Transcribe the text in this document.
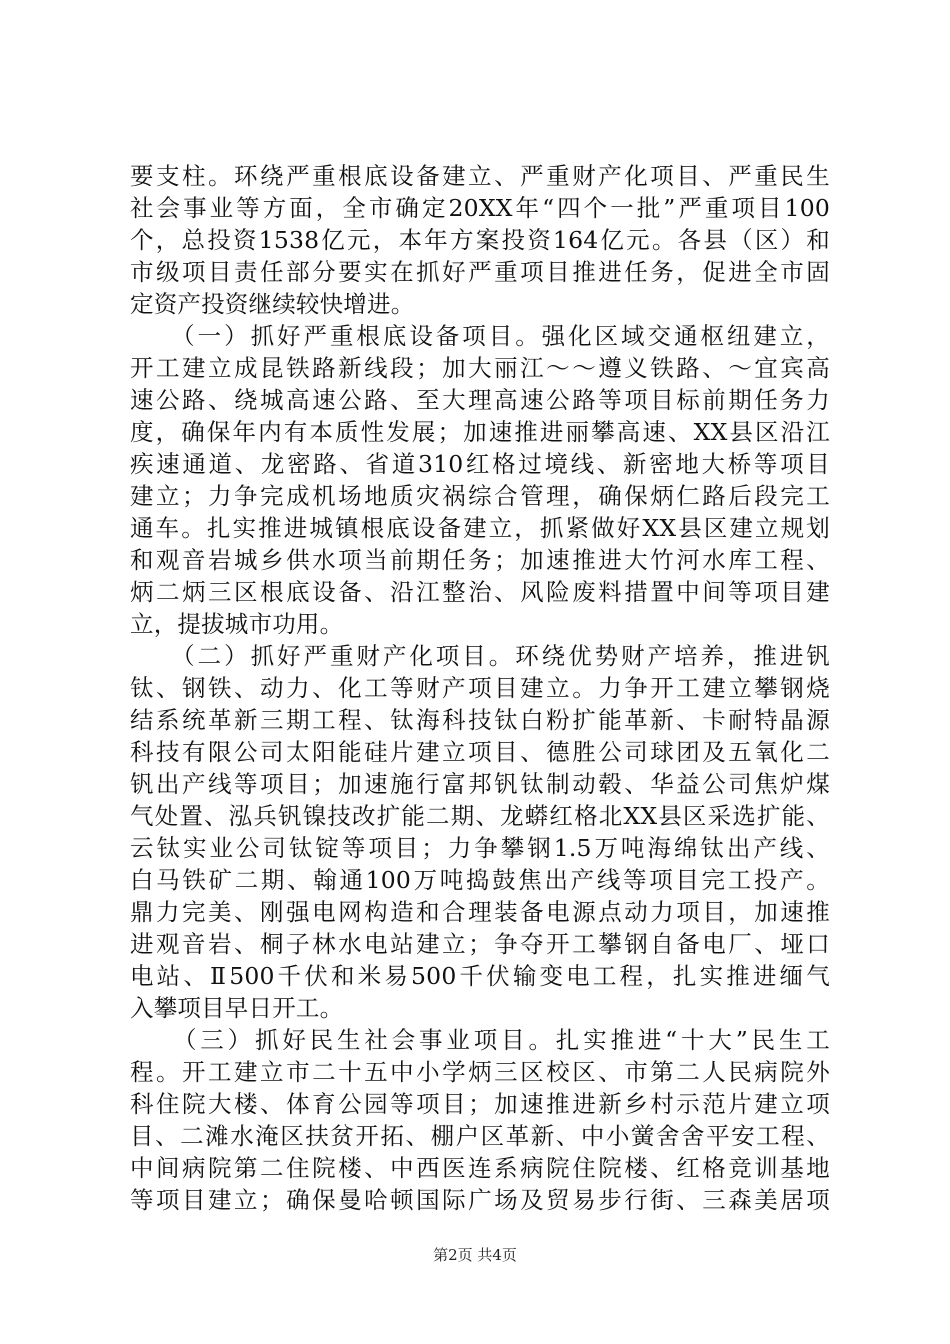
要支柱。环绕严重根底设备建立、严重财产化项目、严重民生
社会事业等方面，全市确定20XX年“四个一批”严重项目100
个，总投资1538亿元，本年方案投资164亿元。各县（区）和
市级项目责任部分要实在抓好严重项目推进任务，促进全市固
定资产投资继续较快增进。
　　（一）抓好严重根底设备项目。强化区域交通枢纽建立，
开工建立成昆铁路新线段；加大丽江～～遵义铁路、～宜宾高
速公路、绕城高速公路、至大理高速公路等项目标前期任务力
度，确保年内有本质性发展；加速推进丽攀高速、XX县区沿江
疾速通道、龙密路、省道310红格过境线、新密地大桥等项目
建立；力争完成机场地质灾祸综合管理，确保炳仁路后段完工
通车。扎实推进城镇根底设备建立，抓紧做好XX县区建立规划
和观音岩城乡供水项当前期任务；加速推进大竹河水库工程、
炳二炳三区根底设备、沿江整治、风险废料措置中间等项目建
立，提拔城市功用。
　　（二）抓好严重财产化项目。环绕优势财产培养，推进钒
钛、钢铁、动力、化工等财产项目建立。力争开工建立攀钢烧
结系统革新三期工程、钛海科技钛白粉扩能革新、卡耐特晶源
科技有限公司太阳能硅片建立项目、德胜公司球团及五氧化二
钒出产线等项目；加速施行富邦钒钛制动毂、华益公司焦炉煤
气处置、泓兵钒镍技改扩能二期、龙蟒红格北XX县区采选扩能、
云钛实业公司钛锭等项目；力争攀钢1.5万吨海绵钛出产线、
白马铁矿二期、翰通100万吨捣鼓焦出产线等项目完工投产。
鼎力完美、刚强电网构造和合理装备电源点动力项目，加速推
进观音岩、桐子林水电站建立；争夺开工攀钢自备电厂、垭口
电站、Ⅱ500千伏和米易500千伏输变电工程，扎实推进缅气
入攀项目早日开工。
　　（三）抓好民生社会事业项目。扎实推进“十大”民生工
程。开工建立市二十五中小学炳三区校区、市第二人民病院外
科住院大楼、体育公园等项目；加速推进新乡村示范片建立项
目、二滩水淹区扶贫开拓、棚户区革新、中小黉舍舍平安工程、
中间病院第二住院楼、中西医连系病院住院楼、红格竞训基地
等项目建立；确保曼哈顿国际广场及贸易步行街、三森美居项
第2页 共4页
